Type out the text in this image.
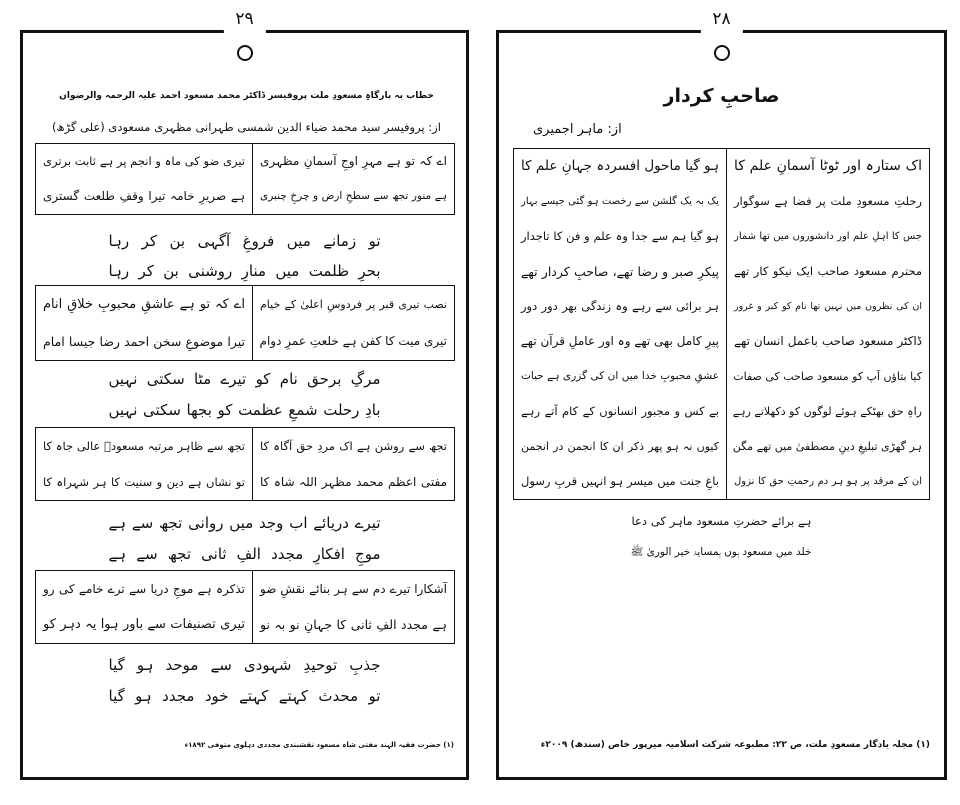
۲۹
خطاب بہ بارگاہِ مسعودِ ملت پروفیسر ڈاکٹر محمد مسعود احمد علیہ الرحمہ والرضوان
از: پروفیسر سید محمد ضیاء الدین شمسی طہرانی مظہری مسعودی (علی گڑھ)
اے کہ تو ہے مہرِ اوجِ آسمانِ مظہری
تیری ضو کی ماہ و انجم پر ہے ثابت برتری
ہے منور تجھ سے سطحِ ارض و چرخِ چنبری
ہے صریرِ خامہ تیرا وقفِ طلعت گستری
تو زمانے میں فروغِ آگہی بن کر رہا
بحرِ ظلمت میں منارِ روشنی بن کر رہا
نصب تیری قبر پر فردوسِ اعلیٰ کے خیام
اے کہ تو ہے عاشقِ محبوبِ خلاقِ انام
تیری میت کا کفن ہے خلعتِ عمرِ دوام
تیرا موضوعِ سخن احمد رضا جیسا امام
مرگِ برحق نام کو تیرے مٹا سکتی نہیں
بادِ رحلت شمعِ عظمت کو بجھا سکتی نہیں
تجھ سے روشن ہے اک مردِ حق آگاہ کا
تجھ سے ظاہر مرتبہ مسعودؔ عالی جاہ کا
مفتی اعظم محمد مظہر اللہ شاہ کا
تو نشاں ہے دین و سنیت کا ہر شہراہ کا
تیرے دریائے اب وجد میں روانی تجھ سے ہے
موجِ افکارِ مجدد الفِ ثانی تجھ سے ہے
آشکارا تیرے دم سے ہر بنائے نقشِ ضو
تذکرہ ہے موجِ دریا سے ترے خامے کی رو
ہے مجدد الفِ ثانی کا جہانِ نو بہ نو
تیری تصنیفات سے باور ہوا یہ دہر کو
جذبِ توحیدِ شہودی سے موحد ہو گیا
تو محدث کہتے کہتے خود مجدد ہو گیا
(۱) حضرت فقیہ الہند مفتی شاہ مسعود نقشبندی مجددی دہلوی متوفی ۱۸۹۲ء
۲۸
صاحبِ کردار
از: ماہر اجمیری
اک ستارہ اور ٹوٹا آسمانِ علم کا
ہو گیا ماحول افسردہ جہانِ علم کا
رحلتِ مسعودِ ملت پر فضا ہے سوگوار
یک بہ یک گلشن سے رخصت ہو گئی جیسے بہار
جس کا اہلِ علم اور دانشوروں میں تھا شمار
ہو گیا ہم سے جدا وہ علم و فن کا تاجدار
محترم مسعود صاحب ایک نیکو کار تھے
پیکرِ صبر و رضا تھے، صاحبِ کردار تھے
ان کی نظروں میں نہیں تھا نام کو کبر و غرور
ہر برائی سے رہے وہ زندگی بھر دور دور
ڈاکٹر مسعود صاحب باعمل انسان تھے
پیرِ کامل بھی تھے وہ اور عاملِ قرآن تھے
کیا بتاؤں آپ کو مسعود صاحب کی صفات
عشقِ محبوبِ خدا میں ان کی گزری ہے حیات
راہِ حق بھٹکے ہوئے لوگوں کو دکھلاتے رہے
بے کس و مجبور انسانوں کے کام آتے رہے
ہر گھڑی تبلیغِ دینِ مصطفیٰ میں تھے مگن
کیوں نہ ہو پھر ذکر ان کا انجمن در انجمن
ان کے مرقد پر ہو ہر دم رحمتِ حق کا نزول
باغِ جنت میں میسر ہو انہیں قربِ رسول
ہے برائے حضرتِ مسعود ماہر کی دعا
خلد میں مسعود ہوں ہمسایۂ خیر الوریٰ ﷺ
(۱) مجلہ یادگار مسعودِ ملت، ص ۲۲: مطبوعہ شرکت اسلامیہ میرپور خاص (سندھ) ۲۰۰۹ء
